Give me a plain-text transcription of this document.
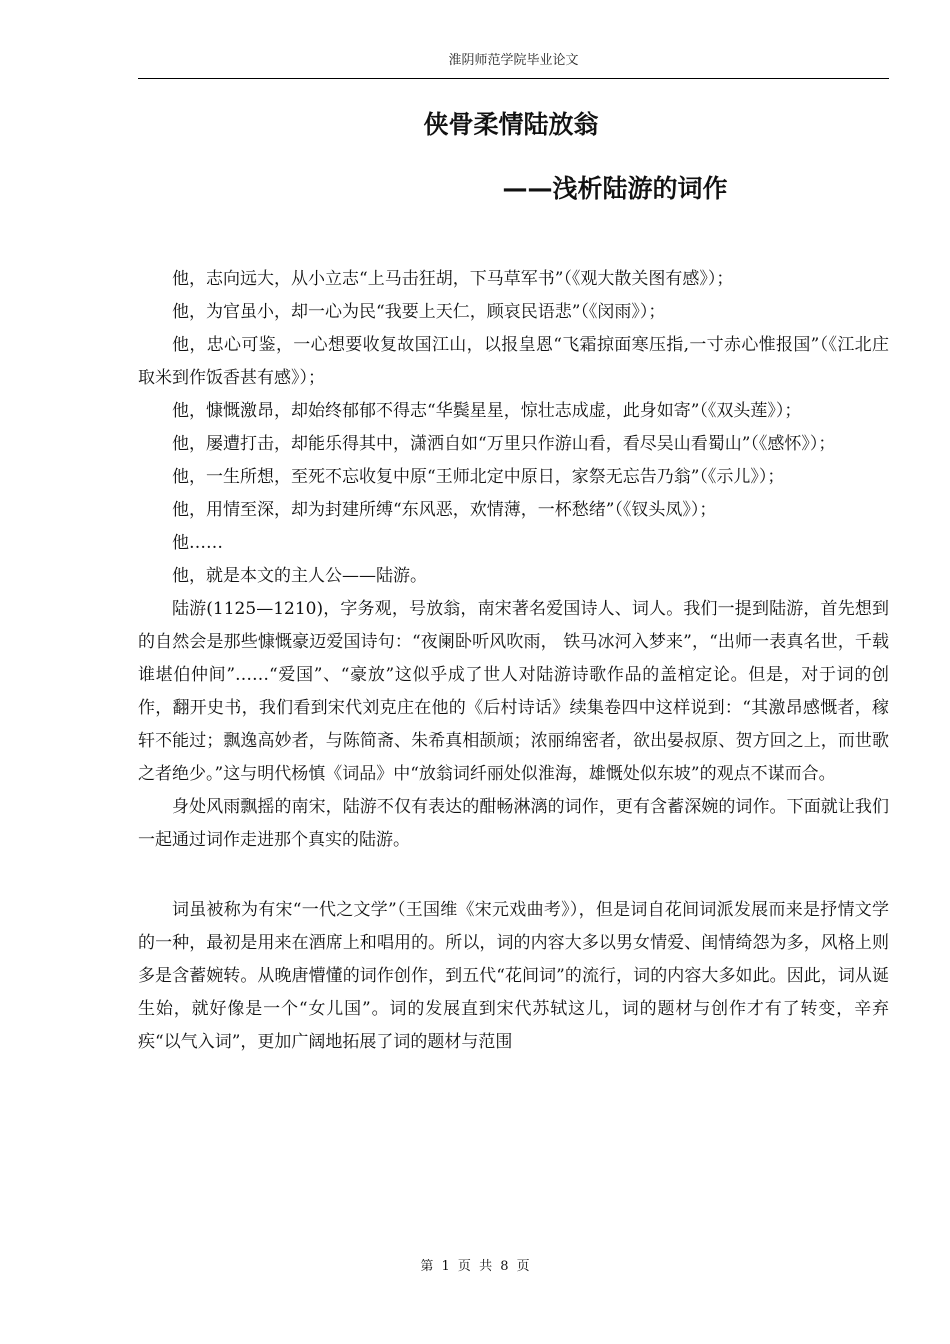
淮阴师范学院毕业论文
侠骨柔情陆放翁
——浅析陆游的词作

他，志向远大，从小立志“上马击狂胡，下马草军书”（《观大散关图有感》）；

他，为官虽小，却一心为民“我要上天仁，顾哀民语悲”（《闵雨》）；

他，忠心可鉴，一心想要收复故国江山，以报皇恩“飞霜掠面寒压指,一寸赤心惟报国”（《江北庄取米到作饭香甚有感》）；

他，慷慨激昂，却始终郁郁不得志“华鬓星星，惊壮志成虚，此身如寄”（《双头莲》）；

他，屡遭打击，却能乐得其中，潇洒自如“万里只作游山看，看尽吴山看蜀山”（《感怀》）；

他，一生所想，至死不忘收复中原“王师北定中原日，家祭无忘告乃翁”（《示儿》）；

他，用情至深，却为封建所缚“东风恶，欢情薄，一杯愁绪”（《钗头凤》）；

他……

他，就是本文的主人公——陆游。

陆游(1125—1210)，字务观，号放翁，南宋著名爱国诗人、词人。我们一提到陆游，首先想到的自然会是那些慷慨豪迈爱国诗句：“夜阑卧听风吹雨， 铁马冰河入梦来”，“出师一表真名世，千载谁堪伯仲间”……“爱国”、“豪放”这似乎成了世人对陆游诗歌作品的盖棺定论。但是，对于词的创作，翻开史书，我们看到宋代刘克庄在他的《后村诗话》续集卷四中这样说到：“其激昂感慨者，稼轩不能过；飘逸高妙者，与陈简斋、朱希真相颉颃；浓丽绵密者，欲出晏叔原、贺方回之上，而世歌之者绝少。”这与明代杨慎《词品》中“放翁词纤丽处似淮海，雄慨处似东坡”的观点不谋而合。

身处风雨飘摇的南宋，陆游不仅有表达的酣畅淋漓的词作，更有含蓄深婉的词作。下面就让我们一起通过词作走进那个真实的陆游。

词虽被称为有宋“一代之文学”（王国维《宋元戏曲考》），但是词自花间词派发展而来是抒情文学的一种，最初是用来在酒席上和唱用的。所以，词的内容大多以男女情爱、闺情绮怨为多，风格上则多是含蓄婉转。从晚唐懵懂的词作创作，到五代“花间词”的流行，词的内容大多如此。因此，词从诞生始，就好像是一个“女儿国”。词的发展直到宋代苏轼这儿，词的题材与创作才有了转变，辛弃疾“以气入词”，更加广阔地拓展了词的题材与范围

第 1 页 共 8 页
